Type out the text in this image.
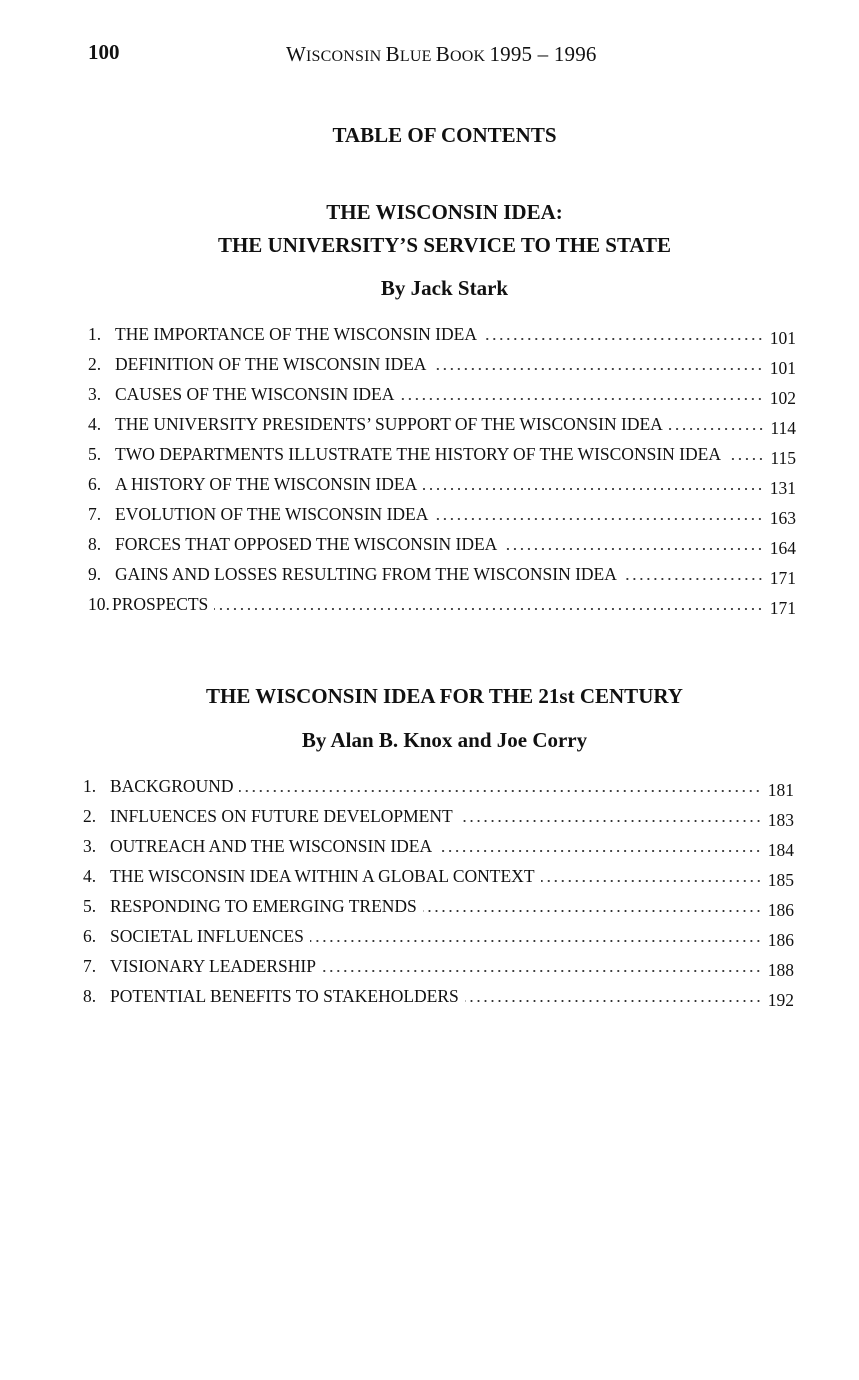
100	WISCONSIN BLUE BOOK 1995 – 1996
TABLE OF CONTENTS
THE WISCONSIN IDEA:
THE UNIVERSITY’S SERVICE TO THE STATE
By Jack Stark
1. THE IMPORTANCE OF THE WISCONSIN IDEA	101
2. DEFINITION OF THE WISCONSIN IDEA	101
3. CAUSES OF THE WISCONSIN IDEA	102
4. THE UNIVERSITY PRESIDENTS’ SUPPORT OF THE WISCONSIN IDEA	114
5. TWO DEPARTMENTS ILLUSTRATE THE HISTORY OF THE WISCONSIN IDEA	115
6. A HISTORY OF THE WISCONSIN IDEA	131
7. EVOLUTION OF THE WISCONSIN IDEA	163
8. FORCES THAT OPPOSED THE WISCONSIN IDEA	164
9. GAINS AND LOSSES RESULTING FROM THE WISCONSIN IDEA	171
10. PROSPECTS	171
THE WISCONSIN IDEA FOR THE 21st CENTURY
By Alan B. Knox and Joe Corry
1. BACKGROUND	181
2. INFLUENCES ON FUTURE DEVELOPMENT	183
3. OUTREACH AND THE WISCONSIN IDEA	184
4. THE WISCONSIN IDEA WITHIN A GLOBAL CONTEXT	185
5. RESPONDING TO EMERGING TRENDS	186
6. SOCIETAL INFLUENCES	186
7. VISIONARY LEADERSHIP	188
8. POTENTIAL BENEFITS TO STAKEHOLDERS	192
